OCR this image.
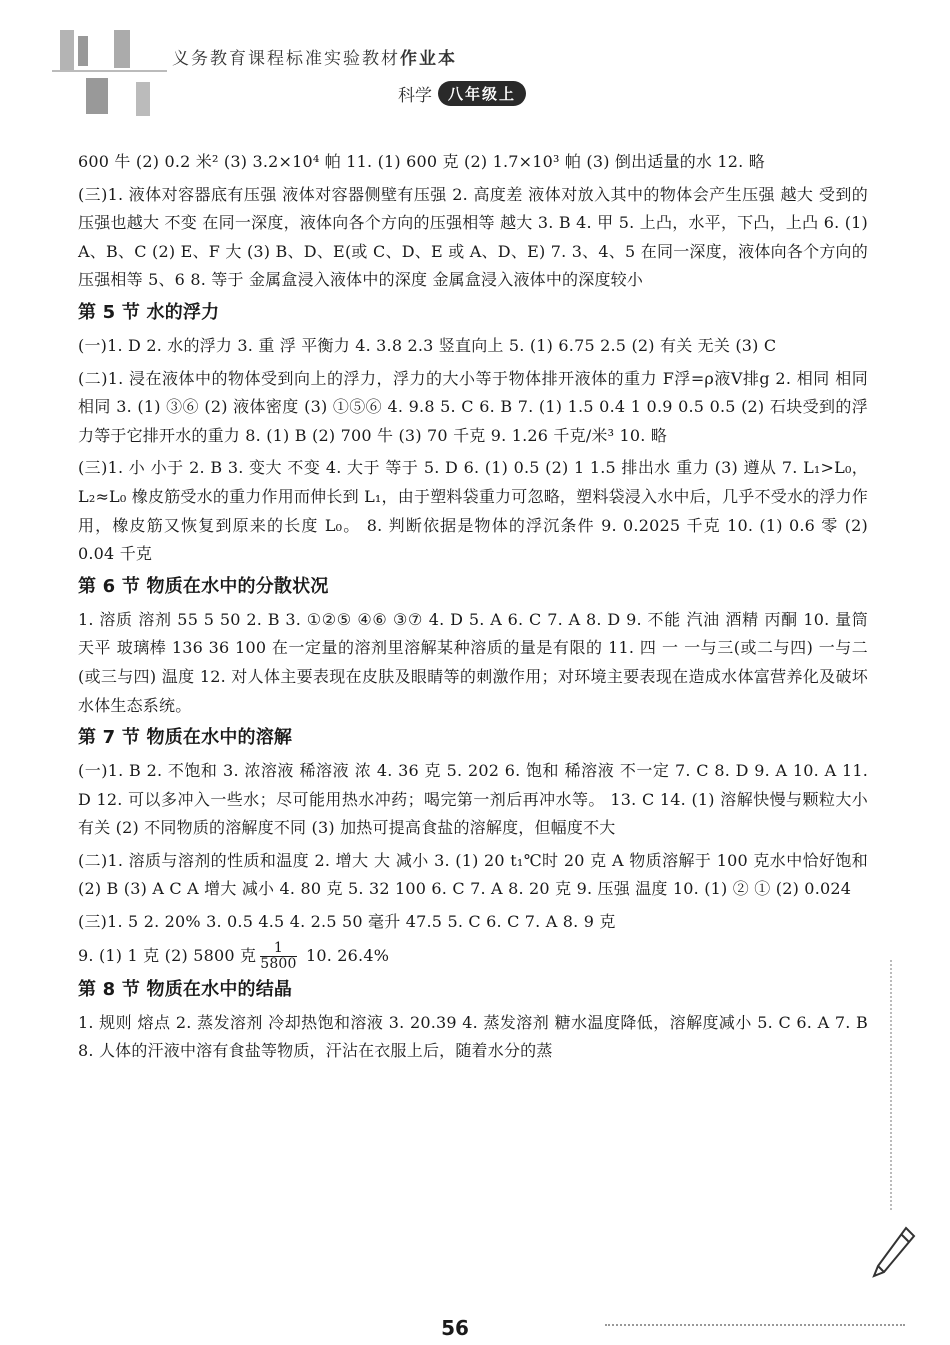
义务教育课程标准实验教材作业本
科学	八年级上

600 牛 (2) 0.2 米² (3) 3.2×10⁴ 帕 11. (1) 600 克 (2) 1.7×10³ 帕 (3) 倒出适量的水 12. 略

(三)1. 液体对容器底有压强 液体对容器侧壁有压强 2. 高度差 液体对放入其中的物体会产生压强 越大 受到的压强也越大 不变 在同一深度，液体向各个方向的压强相等 越大 3. B 4. 甲 5. 上凸，水平，下凸，上凸 6. (1) A、B、C (2) E、F 大 (3) B、D、E(或 C、D、E 或 A、D、E) 7. 3、4、5 在同一深度，液体向各个方向的压强相等 5、6 8. 等于 金属盒浸入液体中的深度 金属盒浸入液体中的深度较小

第 5 节 水的浮力

(一)1. D 2. 水的浮力 3. 重 浮 平衡力 4. 3.8 2.3 竖直向上 5. (1) 6.75 2.5 (2) 有关 无关 (3) C

(二)1. 浸在液体中的物体受到向上的浮力，浮力的大小等于物体排开液体的重力 F浮=ρ液V排g 2. 相同 相同 相同 3. (1) ③⑥ (2) 液体密度 (3) ①⑤⑥ 4. 9.8 5. C 6. B 7. (1) 1.5 0.4 1 0.9 0.5 0.5 (2) 石块受到的浮力等于它排开水的重力 8. (1) B (2) 700 牛 (3) 70 千克 9. 1.26 千克/米³ 10. 略

(三)1. 小 小于 2. B 3. 变大 不变 4. 大于 等于 5. D 6. (1) 0.5 (2) 1 1.5 排出水 重力 (3) 遵从 7. L₁>L₀，L₂≈L₀ 橡皮筋受水的重力作用而伸长到 L₁，由于塑料袋重力可忽略，塑料袋浸入水中后，几乎不受水的浮力作用，橡皮筋又恢复到原来的长度 L₀。 8. 判断依据是物体的浮沉条件 9. 0.2025 千克 10. (1) 0.6 零 (2) 0.04 千克

第 6 节 物质在水中的分散状况

1. 溶质 溶剂 55 5 50 2. B 3. ①②⑤ ④⑥ ③⑦ 4. D 5. A 6. C 7. A 8. D 9. 不能 汽油 酒精 丙酮 10. 量筒 天平 玻璃棒 136 36 100 在一定量的溶剂里溶解某种溶质的量是有限的 11. 四 一 一与三(或二与四) 一与二(或三与四) 温度 12. 对人体主要表现在皮肤及眼睛等的刺激作用；对环境主要表现在造成水体富营养化及破坏水体生态系统。

第 7 节 物质在水中的溶解

(一)1. B 2. 不饱和 3. 浓溶液 稀溶液 浓 4. 36 克 5. 202 6. 饱和 稀溶液 不一定 7. C 8. D 9. A 10. A 11. D 12. 可以多冲入一些水；尽可能用热水冲药；喝完第一剂后再冲水等。 13. C 14. (1) 溶解快慢与颗粒大小有关 (2) 不同物质的溶解度不同 (3) 加热可提高食盐的溶解度，但幅度不大

(二)1. 溶质与溶剂的性质和温度 2. 增大 大 减小 3. (1) 20 t₁℃时 20 克 A 物质溶解于 100 克水中恰好饱和 (2) B (3) A C A 增大 减小 4. 80 克 5. 32 100 6. C 7. A 8. 20 克 9. 压强 温度 10. (1) ② ① (2) 0.024

(三)1. 5 2. 20% 3. 0.5 4.5 4. 2.5 50 毫升 47.5 5. C 6. C 7. A 8. 9 克

9. (1) 1 克 (2) 5800 克 $\frac{1}{5800} 10$. 26.4%

第 8 节 物质在水中的结晶

1. 规则 熔点 2. 蒸发溶剂 冷却热饱和溶液 3. 20.39 4. 蒸发溶剂 糖水温度降低，溶解度减小 5. C 6. A 7. B 8. 人体的汗液中溶有食盐等物质，汗沾在衣服上后，随着水分的蒸

56
